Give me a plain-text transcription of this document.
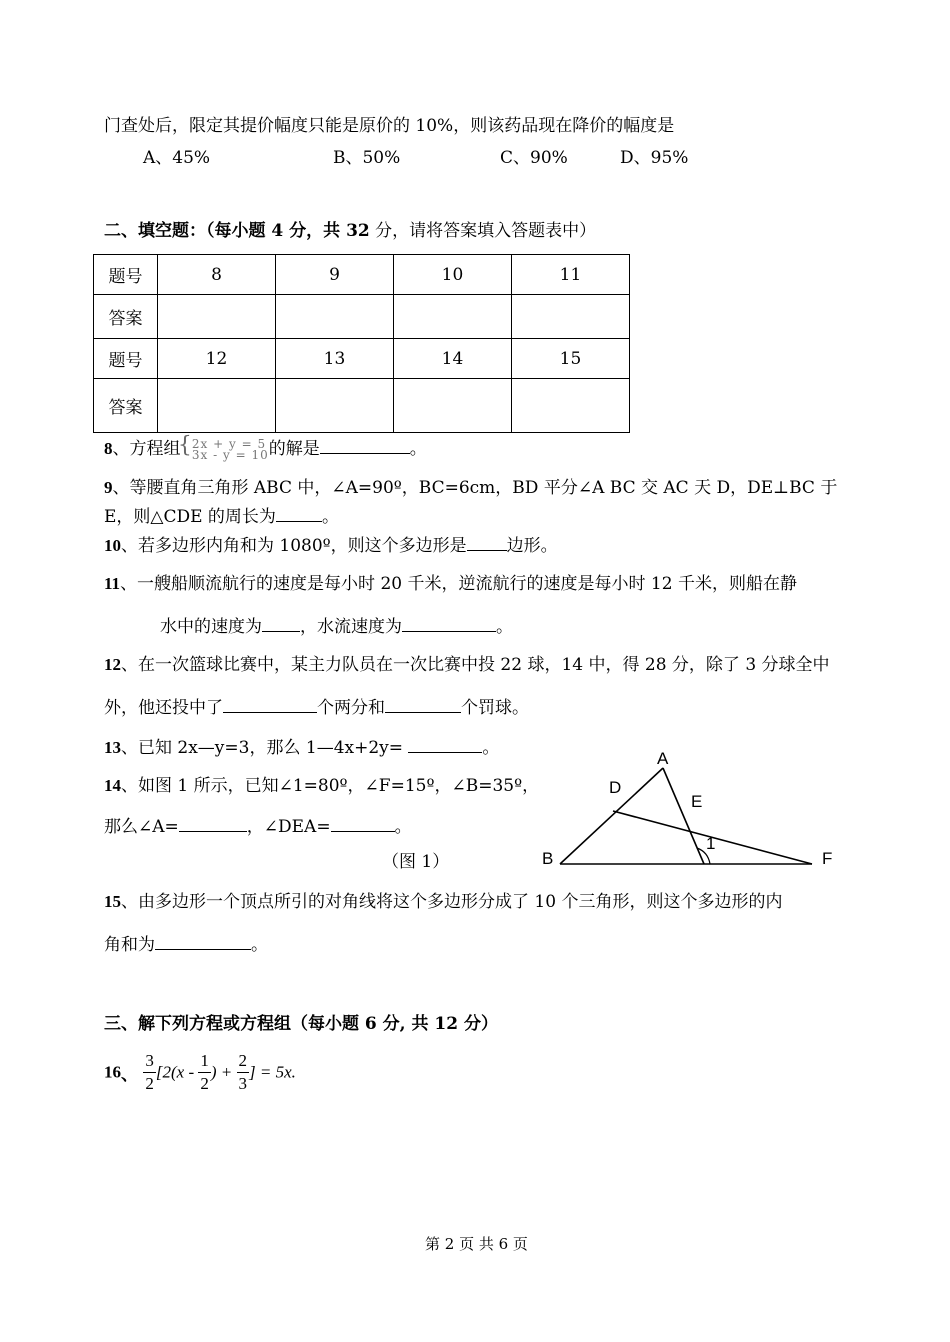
门查处后，限定其提价幅度只能是原价的 10%，则该药品现在降价的幅度是
A、45%	B、50%	C、90%	D、95%
二、填空题：（每小题 4 分，共 32 分，请将答案填入答题表中）
题号	8	9	10	11
答案				
题号	12	13	14	15
答案				
8、方程组
{ 2x + y = 5
3x - y = 10 的解是	。
9、等腰直角三角形 ABC 中，∠A=90º，BC=6cm，BD 平分∠A BC 交 AC 天 D，DE⊥BC 于
E，则△CDE 的周长为	。
10、若多边形内角和为 1080º，则这个多边形是 边形。
11、一艘船顺流航行的速度是每小时 20 千米，逆流航行的速度是每小时 12 千米，则船在静
水中的速度为 ，水流速度为	。
12、在一次篮球比赛中，某主力队员在一次比赛中投 22 球，14 中，得 28 分，除了 3 分球全中
外，他还投中了	个两分和	个罚球。
13、已知 2x—y=3，那么 1—4x+2y=	。
14、如图 1 所示，已知∠1=80º，∠F=15º，∠B=35º，
那么∠A=	，∠DEA=	。
（图 1）
A
D
E
1
B	F
15、由多边形一个顶点所引的对角线将这个多边形分成了 10 个三角形，则这个多边形的内
角和为	。
三、解下列方程或方程组（每小题 6 分, 共 12 分）
16、 $\frac{3}{2} [2(x - \frac{1}{2}$ ) + $\frac{2}{3}$ ] = 5x.
第 2 页 共 6 页
